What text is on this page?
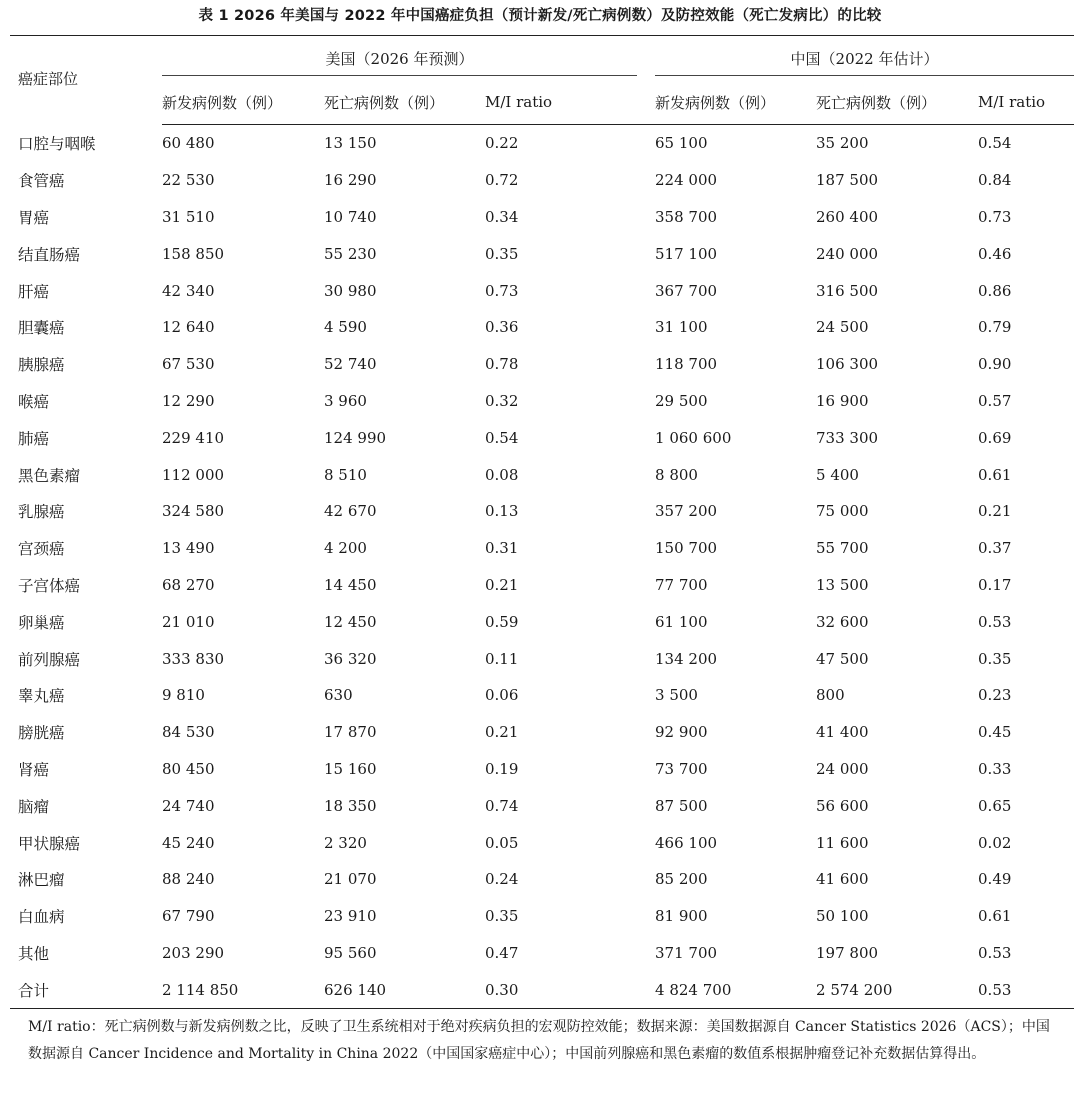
表 1 2026 年美国与 2022 年中国癌症负担（预计新发/死亡病例数）及防控效能（死亡发病比）的比较
癌症部位	美国（2026 年预测）			中国（2022 年估计）		

	新发病例数（例）	死亡病例数（例）	M/I ratio	新发病例数（例）	死亡病例数（例）	M/I ratio
口腔与咽喉	60 480	13 150	0.22	65 100	35 200	0.54
食管癌	22 530	16 290	0.72	224 000	187 500	0.84
胃癌	31 510	10 740	0.34	358 700	260 400	0.73
结直肠癌	158 850	55 230	0.35	517 100	240 000	0.46
肝癌	42 340	30 980	0.73	367 700	316 500	0.86
胆囊癌	12 640	4 590	0.36	31 100	24 500	0.79
胰腺癌	67 530	52 740	0.78	118 700	106 300	0.90
喉癌	12 290	3 960	0.32	29 500	16 900	0.57
肺癌	229 410	124 990	0.54	1 060 600	733 300	0.69
黑色素瘤	112 000	8 510	0.08	8 800	5 400	0.61
乳腺癌	324 580	42 670	0.13	357 200	75 000	0.21
宫颈癌	13 490	4 200	0.31	150 700	55 700	0.37
子宫体癌	68 270	14 450	0.21	77 700	13 500	0.17
卵巢癌	21 010	12 450	0.59	61 100	32 600	0.53
前列腺癌	333 830	36 320	0.11	134 200	47 500	0.35
睾丸癌	9 810	630	0.06	3 500	800	0.23
膀胱癌	84 530	17 870	0.21	92 900	41 400	0.45
肾癌	80 450	15 160	0.19	73 700	24 000	0.33
脑瘤	24 740	18 350	0.74	87 500	56 600	0.65
甲状腺癌	45 240	2 320	0.05	466 100	11 600	0.02
淋巴瘤	88 240	21 070	0.24	85 200	41 600	0.49
白血病	67 790	23 910	0.35	81 900	50 100	0.61
其他	203 290	95 560	0.47	371 700	197 800	0.53
合计	2 114 850	626 140	0.30	4 824 700	2 574 200	0.53
M/I ratio：死亡病例数与新发病例数之比，反映了卫生系统相对于绝对疾病负担的宏观防控效能；数据来源：美国数据源自 Cancer Statistics 2026（ACS）；中国数据源自 Cancer Incidence and Mortality in China 2022（中国国家癌症中心）；中国前列腺癌和黑色素瘤的数值系根据肿瘤登记补充数据估算得出。
